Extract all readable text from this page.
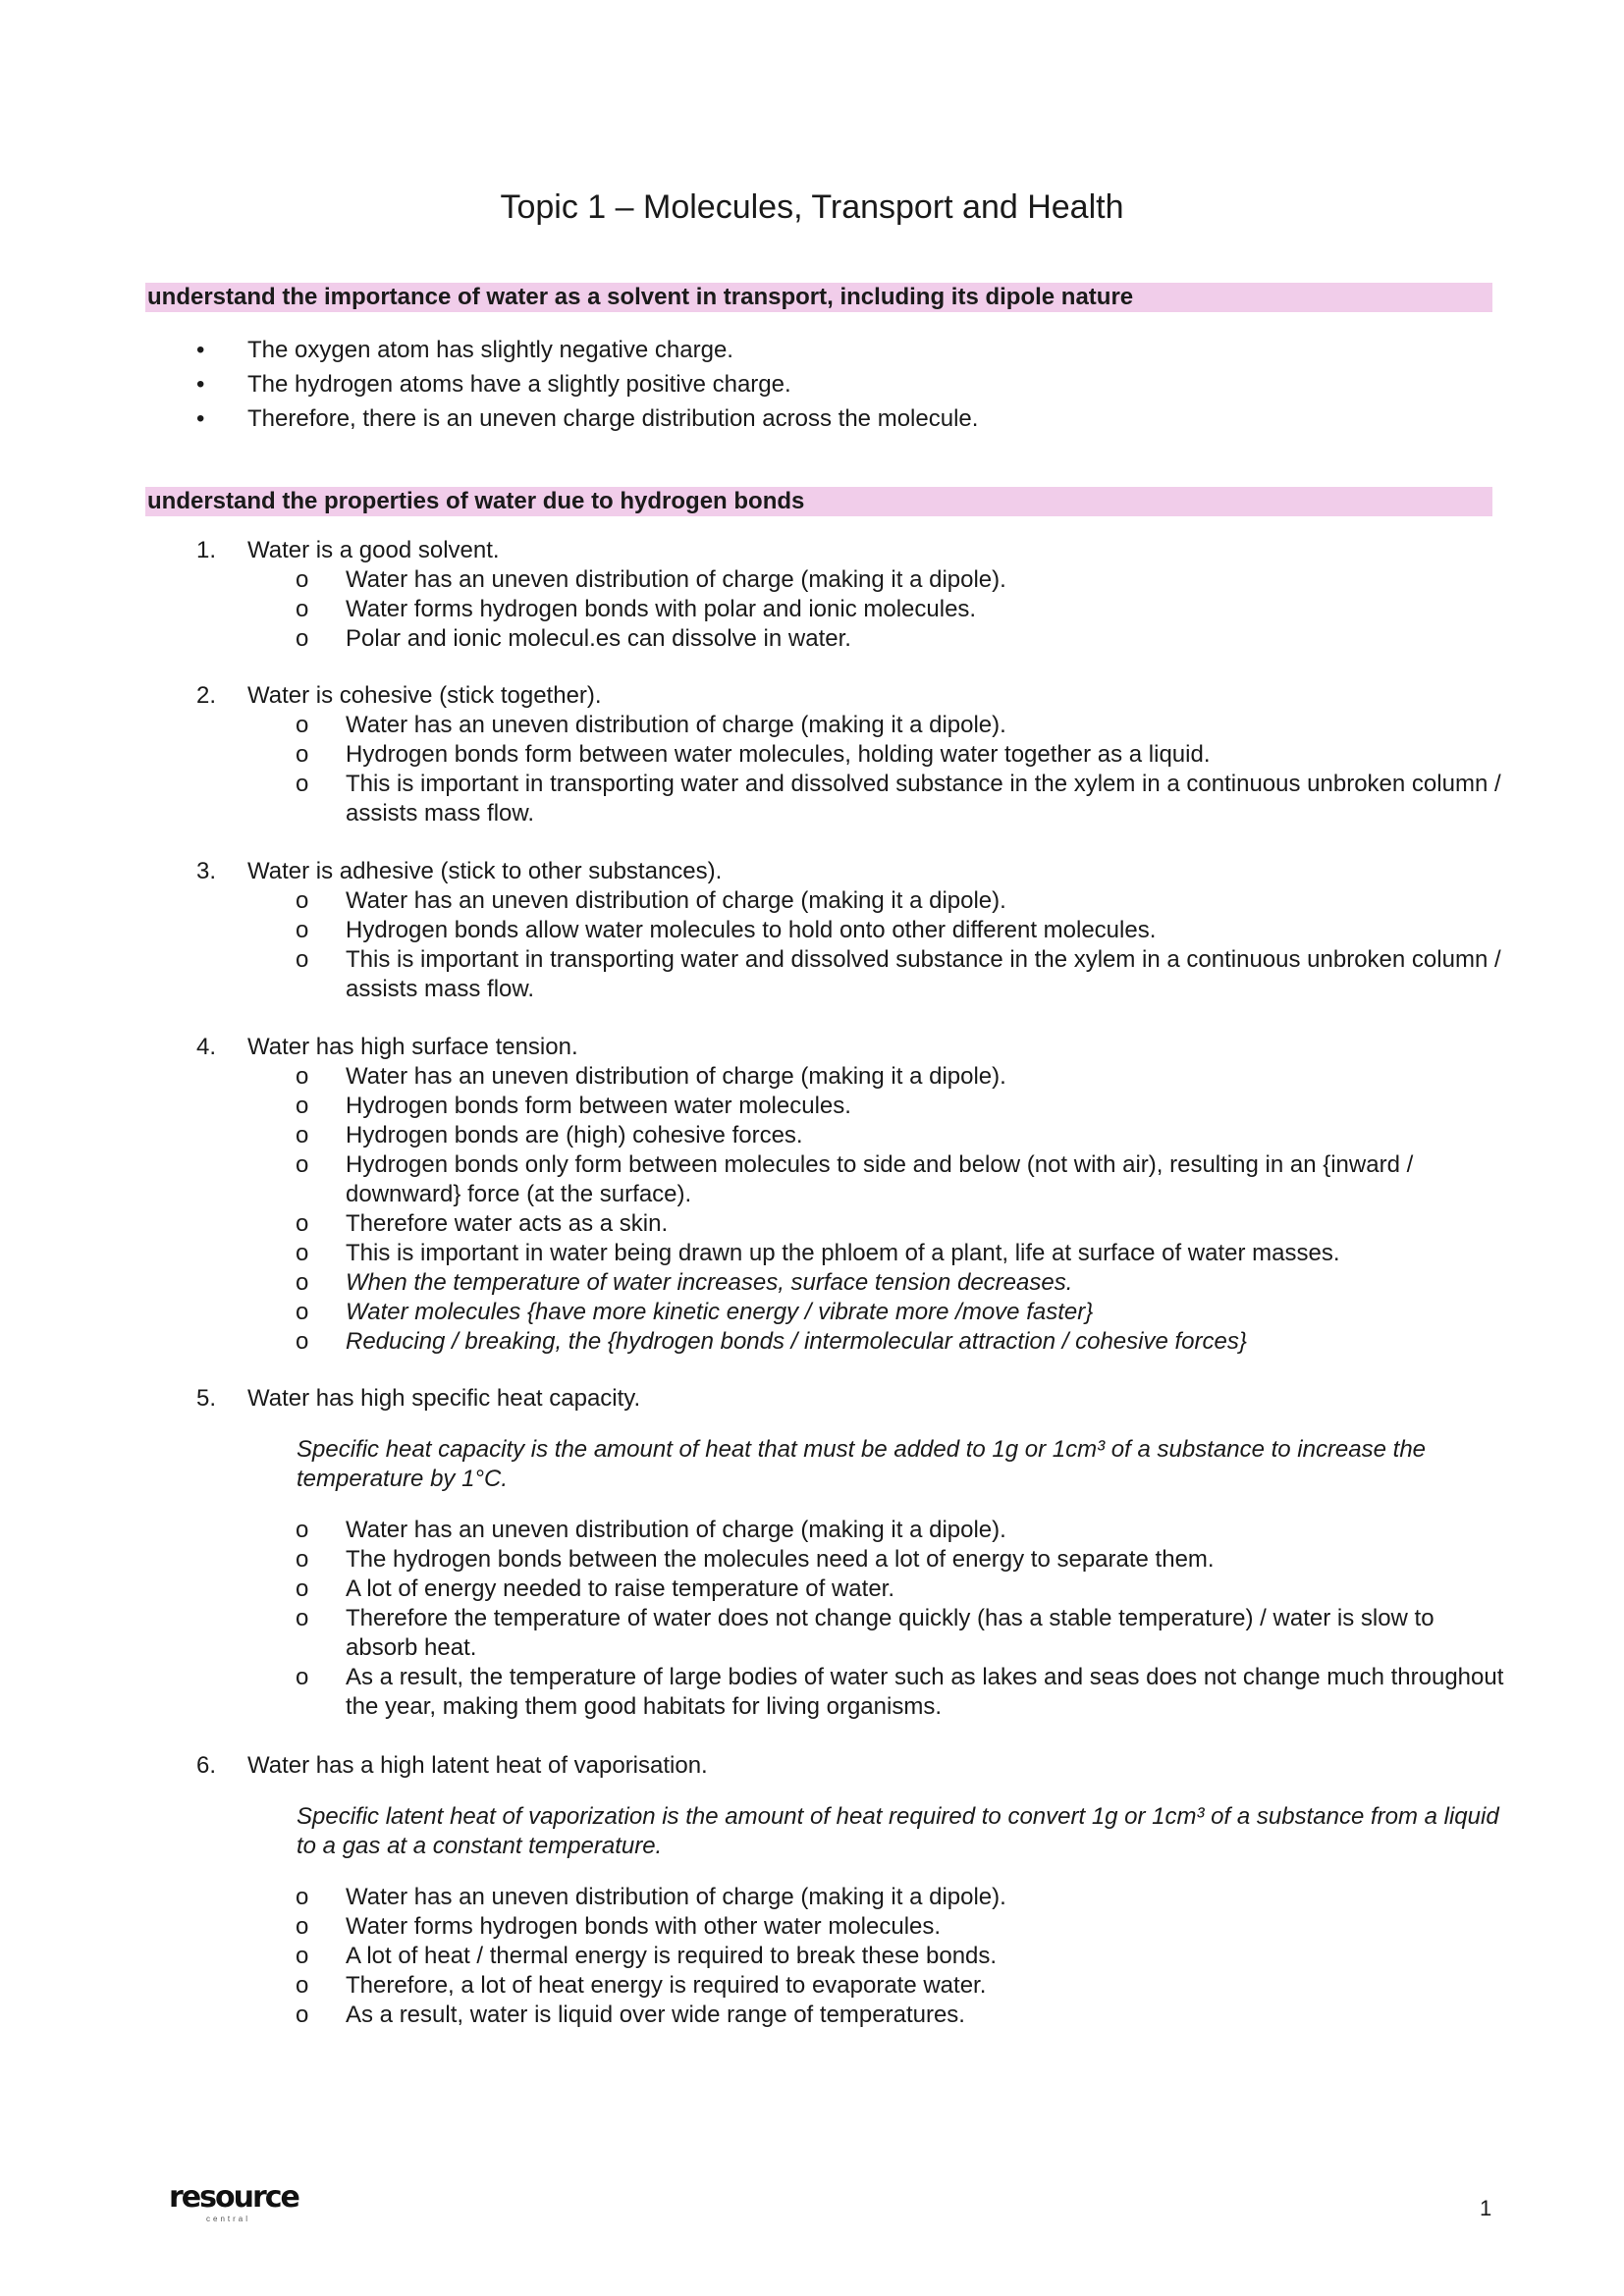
Topic 1 – Molecules, Transport and Health
understand the importance of water as a solvent in transport, including its dipole nature
• The oxygen atom has slightly negative charge.
• The hydrogen atoms have a slightly positive charge.
• Therefore, there is an uneven charge distribution across the molecule.
understand the properties of water due to hydrogen bonds
1. Water is a good solvent.
o Water has an uneven distribution of charge (making it a dipole).
o Water forms hydrogen bonds with polar and ionic molecules.
o Polar and ionic molecul.es can dissolve in water.
2. Water is cohesive (stick together).
o Water has an uneven distribution of charge (making it a dipole).
o Hydrogen bonds form between water molecules, holding water together as a liquid.
o This is important in transporting water and dissolved substance in the xylem in a continuous unbroken column / assists mass flow.
3. Water is adhesive (stick to other substances).
o Water has an uneven distribution of charge (making it a dipole).
o Hydrogen bonds allow water molecules to hold onto other different molecules.
o This is important in transporting water and dissolved substance in the xylem in a continuous unbroken column / assists mass flow.
4. Water has high surface tension.
o Water has an uneven distribution of charge (making it a dipole).
o Hydrogen bonds form between water molecules.
o Hydrogen bonds are (high) cohesive forces.
o Hydrogen bonds only form between molecules to side and below (not with air), resulting in an {inward / downward} force (at the surface).
o Therefore water acts as a skin.
o This is important in water being drawn up the phloem of a plant, life at surface of water masses.
o When the temperature of water increases, surface tension decreases.
o Water molecules {have more kinetic energy / vibrate more /move faster}
o Reducing / breaking, the {hydrogen bonds / intermolecular attraction / cohesive forces}
5. Water has high specific heat capacity.
Specific heat capacity is the amount of heat that must be added to 1g or 1cm³ of a substance to increase the temperature by 1°C.
o Water has an uneven distribution of charge (making it a dipole).
o The hydrogen bonds between the molecules need a lot of energy to separate them.
o A lot of energy needed to raise temperature of water.
o Therefore the temperature of water does not change quickly (has a stable temperature) / water is slow to absorb heat.
o As a result, the temperature of large bodies of water such as lakes and seas does not change much throughout the year, making them good habitats for living organisms.
6. Water has a high latent heat of vaporisation.
Specific latent heat of vaporization is the amount of heat required to convert 1g or 1cm³ of a substance from a liquid to a gas at a constant temperature.
o Water has an uneven distribution of charge (making it a dipole).
o Water forms hydrogen bonds with other water molecules.
o A lot of heat / thermal energy is required to break these bonds.
o Therefore, a lot of heat energy is required to evaporate water.
o As a result, water is liquid over wide range of temperatures.
resource
central	1
